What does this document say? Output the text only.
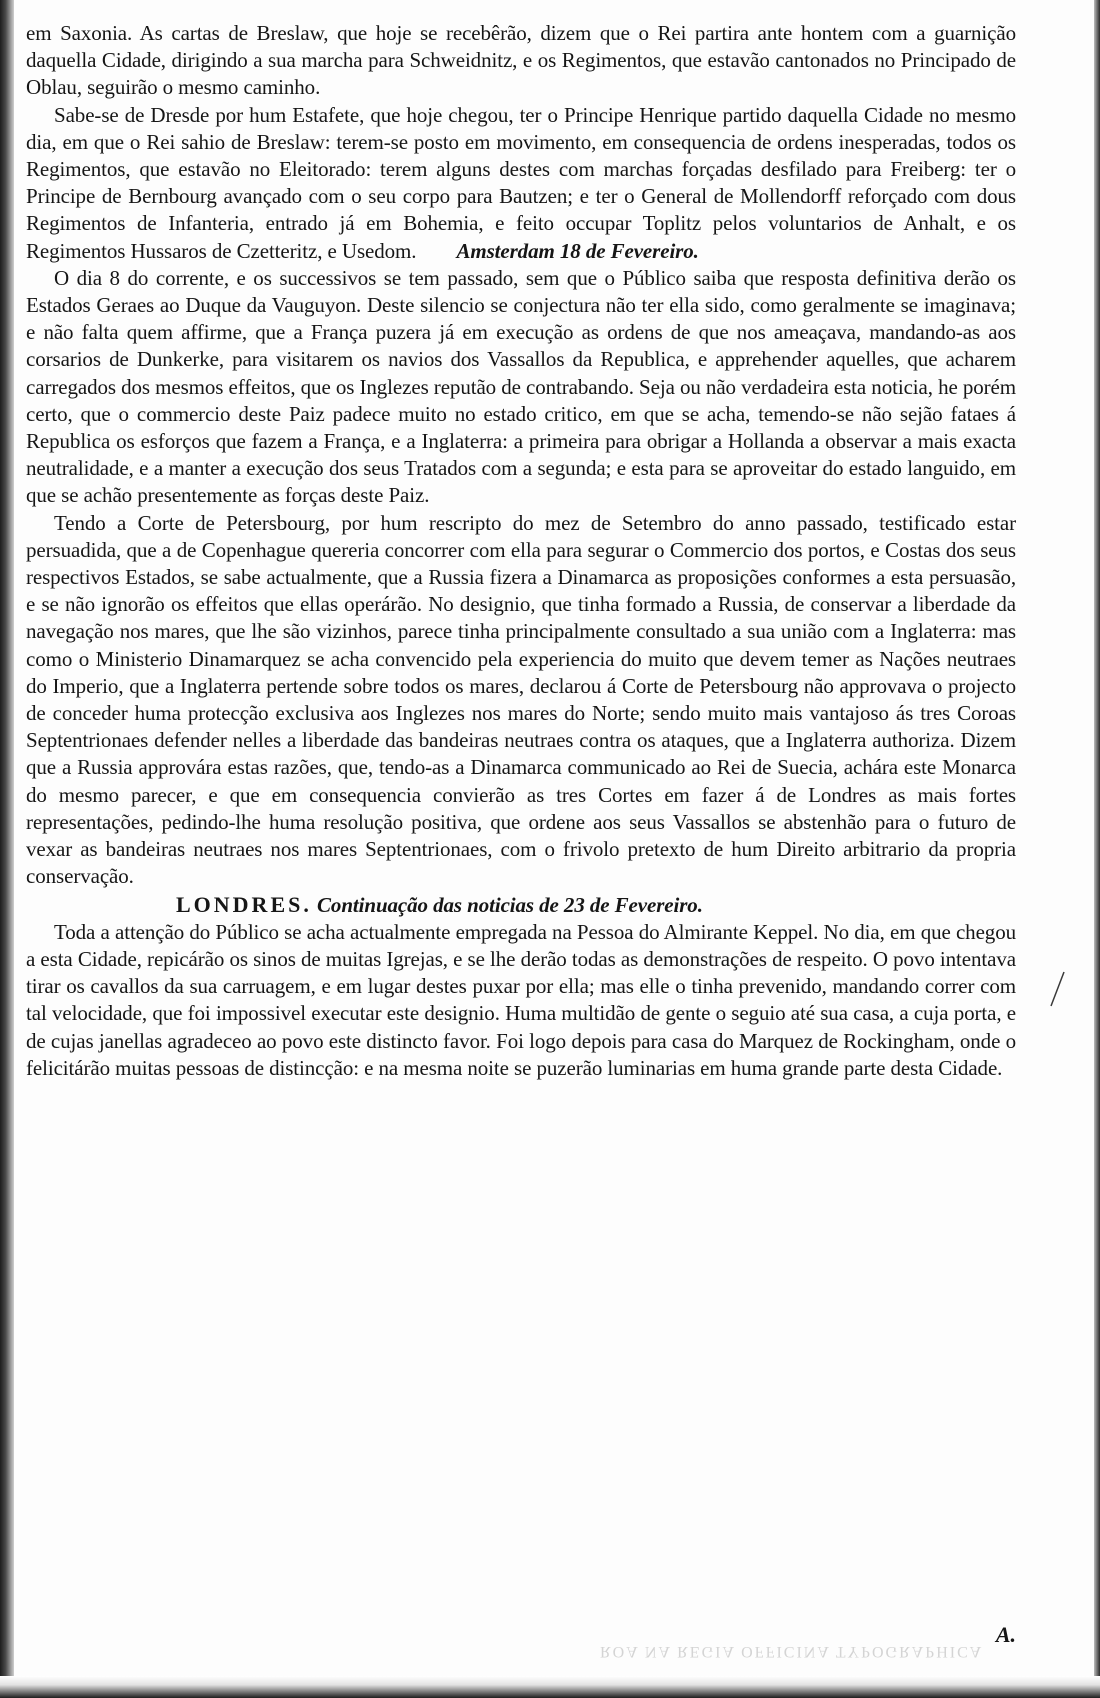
em Saxonia. As cartas de Breslaw, que hoje se recebêrão, dizem que o Rei partira ante hontem com a guarnição daquella Cidade, dirigindo a sua marcha para Schweidnitz, e os Regimentos, que estavão cantonados no Principado de Oblau, seguirão o mesmo caminho.

Sabe-se de Dresde por hum Estafete, que hoje chegou, ter o Principe Henrique partido daquella Cidade no mesmo dia, em que o Rei sahio de Breslaw: terem-se posto em movimento, em consequencia de ordens inesperadas, todos os Regimentos, que estavão no Eleitorado: terem alguns destes com marchas forçadas desfilado para Freiberg: ter o Principe de Bernbourg avançado com o seu corpo para Bautzen; e ter o General de Mollendorff reforçado com dous Regimentos de Infanteria, entrado já em Bohemia, e feito occupar Toplitz pelos voluntarios de Anhalt, e os Regimentos Hussaros de Czetteritz, e Usedom. Amsterdam 18 de Fevereiro.

O dia 8 do corrente, e os successivos se tem passado, sem que o Público saiba que resposta definitiva derão os Estados Geraes ao Duque da Vauguyon. Deste silencio se conjectura não ter ella sido, como geralmente se imaginava; e não falta quem affirme, que a França puzera já em execução as ordens de que nos ameaçava, mandando-as aos corsarios de Dunkerke, para visitarem os navios dos Vassallos da Republica, e apprehender aquelles, que acharem carregados dos mesmos effeitos, que os Inglezes reputão de contrabando. Seja ou não verdadeira esta noticia, he porém certo, que o commercio deste Paiz padece muito no estado critico, em que se acha, temendo-se não sejão fataes á Republica os esforços que fazem a França, e a Inglaterra: a primeira para obrigar a Hollanda a observar a mais exacta neutralidade, e a manter a execução dos seus Tratados com a segunda; e esta para se aproveitar do estado languido, em que se achão presentemente as forças deste Paiz.

Tendo a Corte de Petersbourg, por hum rescripto do mez de Setembro do anno passado, testificado estar persuadida, que a de Copenhague quereria concorrer com ella para segurar o Commercio dos portos, e Costas dos seus respectivos Estados, se sabe actualmente, que a Russia fizera a Dinamarca as proposições conformes a esta persuasão, e se não ignorão os effeitos que ellas operárão. No designio, que tinha formado a Russia, de conservar a liberdade da navegação nos mares, que lhe são vizinhos, parece tinha principalmente consultado a sua união com a Inglaterra: mas como o Ministerio Dinamarquez se acha convencido pela experiencia do muito que devem temer as Nações neutraes do Imperio, que a Inglaterra pertende sobre todos os mares, declarou á Corte de Petersbourg não approvava o projecto de conceder huma protecção exclusiva aos Inglezes nos mares do Norte; sendo muito mais vantajoso ás tres Coroas Septentrionaes defender nelles a liberdade das bandeiras neutraes contra os ataques, que a Inglaterra authoriza. Dizem que a Russia approvára estas razões, que, tendo-as a Dinamarca communicado ao Rei de Suecia, achára este Monarca do mesmo parecer, e que em consequencia convierão as tres Cortes em fazer á de Londres as mais fortes representações, pedindo-lhe huma resolução positiva, que ordene aos seus Vassallos se abstenhão para o futuro de vexar as bandeiras neutraes nos mares Septentrionaes, com o frivolo pretexto de hum Direito arbitrario da propria conservação.

LONDRES. Continuação das noticias de 23 de Fevereiro.

Toda a attenção do Público se acha actualmente empregada na Pessoa do Almirante Keppel. No dia, em que chegou a esta Cidade, repicárão os sinos de muitas Igrejas, e se lhe derão todas as demonstrações de respeito. O povo intentava tirar os cavallos da sua carruagem, e em lugar destes puxar por ella; mas elle o tinha prevenido, mandando correr com tal velocidade, que foi impossivel executar este designio. Huma multidão de gente o seguio até sua casa, a cuja porta, e de cujas janellas agradeceo ao povo este distincto favor. Foi logo depois para casa do Marquez de Rockingham, onde o felicitárão muitas pessoas de distincção: e na mesma noite se puzerão luminarias em huma grande parte desta Cidade.

A.
ROA NA REGIA OFFICINA TYPOGRAPHICA
